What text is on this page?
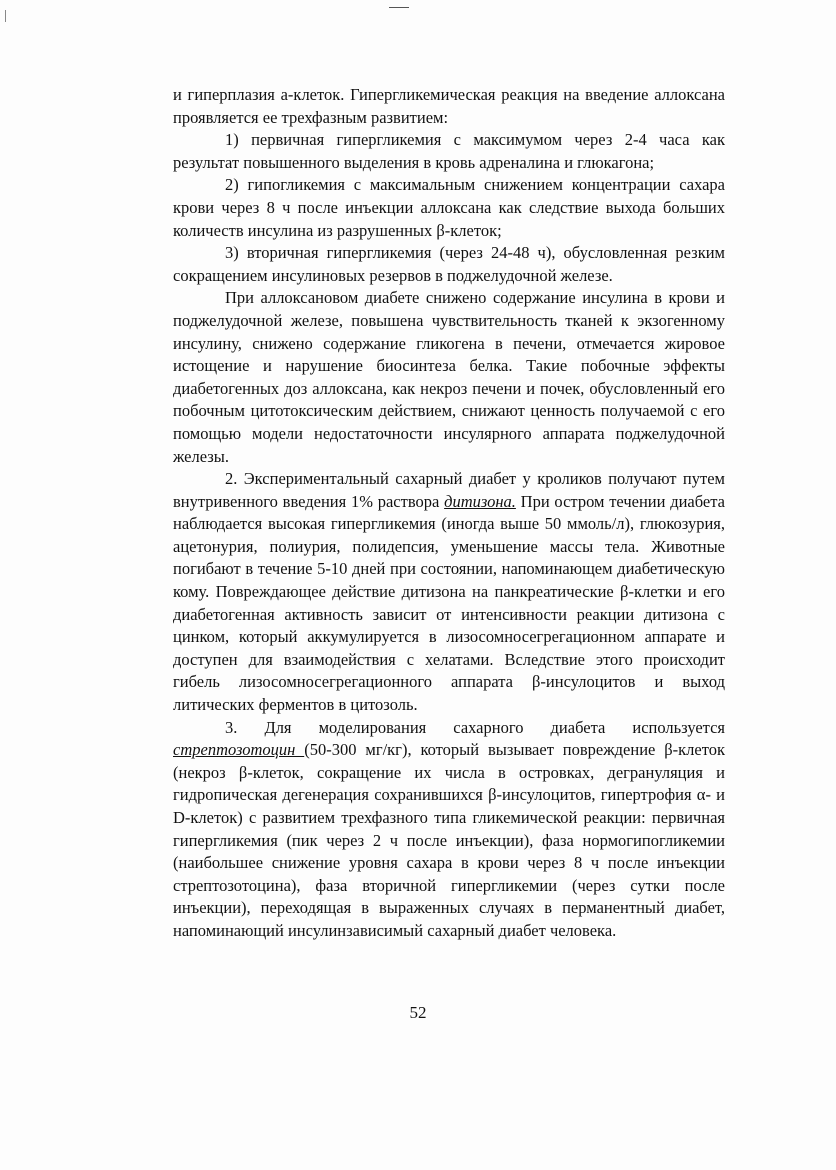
и гиперплазия а-клеток. Гипергликемическая реакция на введение аллоксана проявляется ее трехфазным развитием:

1) первичная гипергликемия с максимумом через 2-4 часа как результат повышенного выделения в кровь адреналина и глюкагона;

2) гипогликемия с максимальным снижением концентрации сахара крови через 8 ч после инъекции аллоксана как следствие выхода больших количеств инсулина из разрушенных β-клеток;

3) вторичная гипергликемия (через 24-48 ч), обусловленная резким сокращением инсулиновых резервов в поджелудочной железе.

При аллоксановом диабете снижено содержание инсулина в крови и поджелудочной железе, повышена чувствительность тканей к экзогенному инсулину, снижено содержание гликогена в печени, отмечается жировое истощение и нарушение биосинтеза белка. Такие побочные эффекты диабетогенных доз аллоксана, как некроз печени и почек, обусловленный его побочным цитотоксическим действием, снижают ценность получаемой с его помощью модели недостаточности инсулярного аппарата поджелудочной железы.

2. Экспериментальный сахарный диабет у кроликов получают путем внутривенного введения 1% раствора дитизона. При остром течении диабета наблюдается высокая гипергликемия (иногда выше 50 ммоль/л), глюкозурия, ацетонурия, полиурия, полидепсия, уменьшение массы тела. Животные погибают в течение 5-10 дней при состоянии, напоминающем диабетическую кому. Повреждающее действие дитизона на панкреатические β-клетки и его диабетогенная активность зависит от интенсивности реакции дитизона с цинком, который аккумулируется в лизосомносегрегационном аппарате и доступен для взаимодействия с хелатами. Вследствие этого происходит гибель лизосомносегрегационного аппарата β-инсулоцитов и выход литических ферментов в цитозоль.

3. Для моделирования сахарного диабета используется стрептозотоцин (50-300 мг/кг), который вызывает повреждение β-клеток (некроз β-клеток, сокращение их числа в островках, дегрануляция и гидропическая дегенерация сохранившихся β-инсулоцитов, гипертрофия α- и D-клеток) с развитием трехфазного типа гликемической реакции: первичная гипергликемия (пик через 2 ч после инъекции), фаза нормогипогликемии (наибольшее снижение уровня сахара в крови через 8 ч после инъекции стрептозотоцина), фаза вторичной гипергликемии (через сутки после инъекции), переходящая в выраженных случаях в перманентный диабет, напоминающий инсулинзависимый сахарный диабет человека.

52
